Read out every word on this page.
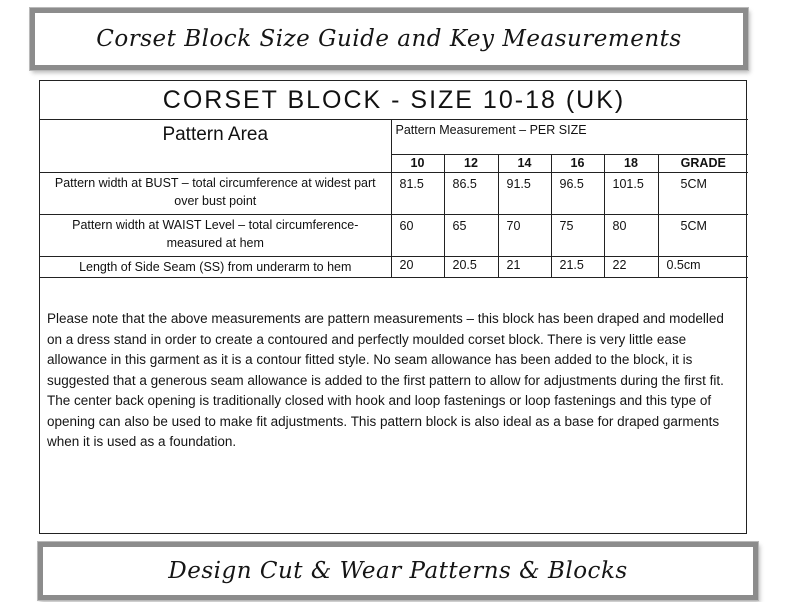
Corset Block Size Guide and Key Measurements
CORSET BLOCK - SIZE 10-18 (UK)						
Pattern Area	Pattern Measurement – PER SIZE					
	10	12	14	16	18	GRADE
Pattern width at BUST – total circumference at widest part over bust point	81.5	86.5	91.5	96.5	101.5	5CM
Pattern width at WAIST Level – total circumference- measured at hem	60	65	70	75	80	5CM
Length of Side Seam (SS) from underarm to hem	20	20.5	21	21.5	22	0.5cm
Please note that the above measurements are pattern measurements – this block has been draped and modelled on a dress stand in order to create a contoured and perfectly moulded corset block. There is very little ease allowance in this garment as it is a contour fitted style. No seam allowance has been added to the block, it is suggested that a generous seam allowance is added to the first pattern to allow for adjustments during the first fit. The center back opening is traditionally closed with hook and loop fastenings or loop fastenings and this type of opening can also be used to make fit adjustments. This pattern block is also ideal as a base for draped garments when it is used as a foundation.
Design Cut & Wear Patterns & Blocks
